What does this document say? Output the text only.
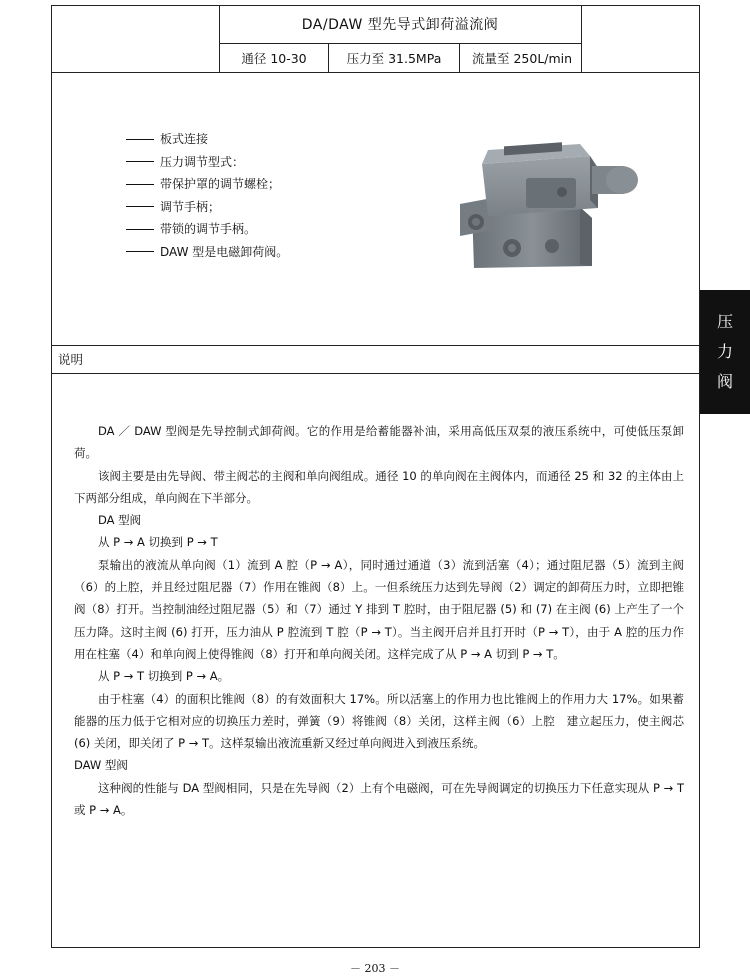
DA/DAW 型先导式卸荷溢流阀
通径 10-30	压力至 31.5MPa	流量至 250L/min
板式连接
压力调节型式：
带保护罩的调节螺栓；
调节手柄；
带锁的调节手柄。
DAW 型是电磁卸荷阀。
说明
压
力
阀

DA ／ DAW 型阀是先导控制式卸荷阀。它的作用是给蓄能器补油，采用高低压双泵的液压系统中，可使低压泵卸荷。

该阀主要是由先导阀、带主阀芯的主阀和单向阀组成。通径 10 的单向阀在主阀体内，而通径 25 和 32 的主体由上下两部分组成，单向阀在下半部分。

DA 型阀

从 P → A 切换到 P → T

泵输出的液流从单向阀（1）流到 A 腔（P → A），同时通过通道（3）流到活塞（4）；通过阻尼器（5）流到主阀（6）的上腔，并且经过阻尼器（7）作用在锥阀（8）上。一但系统压力达到先导阀（2）调定的卸荷压力时，立即把锥阀（8）打开。当控制油经过阻尼器（5）和（7）通过 Y 排到 T 腔时，由于阻尼器 (5) 和 (7) 在主阀 (6) 上产生了一个压力降。这时主阀 (6) 打开，压力油从 P 腔流到 T 腔（P → T）。当主阀开启并且打开时（P → T），由于 A 腔的压力作用在柱塞（4）和单向阀上使得锥阀（8）打开和单向阀关闭。这样完成了从 P → A 切到 P → T。

从 P → T 切换到 P → A。

由于柱塞（4）的面积比锥阀（8）的有效面积大 17%。所以活塞上的作用力也比锥阀上的作用力大 17%。如果蓄能器的压力低于它相对应的切换压力差时，弹簧（9）将锥阀（8）关闭，这样主阀（6）上腔　建立起压力，使主阀芯 (6) 关闭，即关闭了 P → T。这样泵输出液流重新又经过单向阀进入到液压系统。

DAW 型阀

这种阀的性能与 DA 型阀相同，只是在先导阀（2）上有个电磁阀，可在先导阀调定的切换压力下任意实现从 P → T 或 P → A。

－ 203 －
